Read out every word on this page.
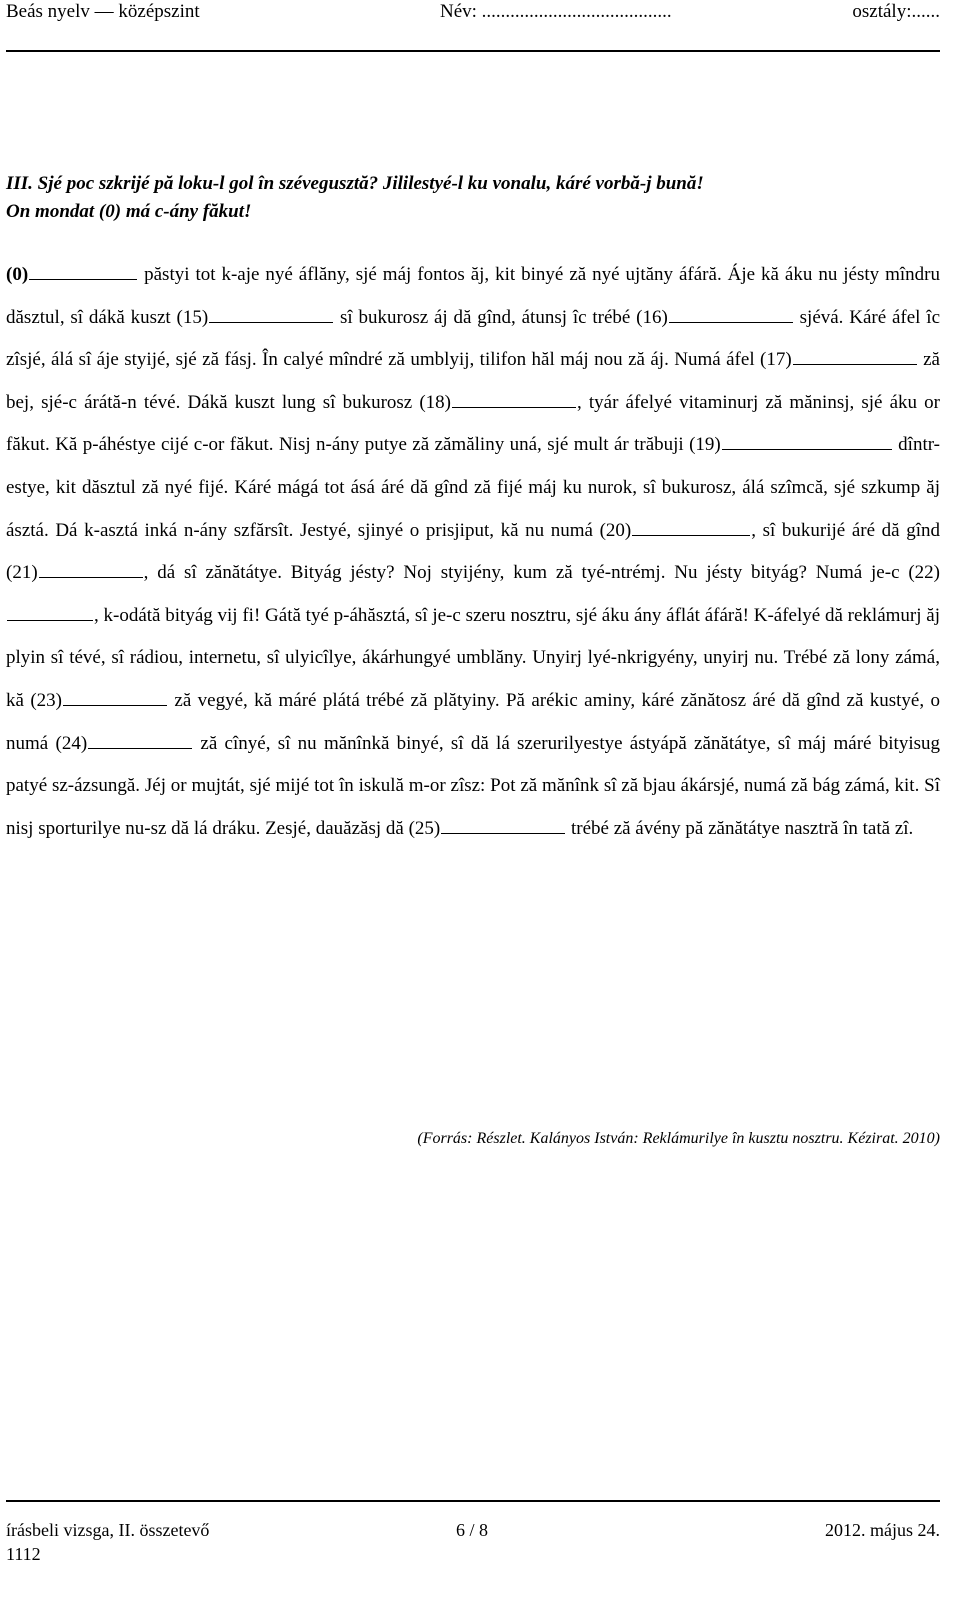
Beás nyelv — középszint	Név: ........................................	osztály:......
III. Sjé poc szkrijé pă loku-l gol în szévegusztă? Jililestyé-l ku vonalu, káré vorbă-j bună!
On mondat (0) má c-ány făkut!
(0)	păstyi tot k-aje nyé áflăny, sjé máj fontos ăj, kit binyé ză nyé ujtăny áfáră. Áje kă áku nu jésty mîndru dăsztul, sî dákă kuszt (15)	sî bukurosz áj dă gînd, átunsj îc trébé (16)	sjévá. Káré áfel îc zîsjé, álá sî áje styijé, sjé ză fásj. În calyé mîndré ză umblyij, tilifon hăl máj nou ză áj. Numá áfel (17)	ză bej, sjé-c árátă-n tévé. Dákă kuszt lung sî bukurosz (18)	, tyár áfelyé vitaminurj ză măninsj, sjé áku or făkut. Kă p-áhéstye cijé c-or făkut. Nisj n-ány putye ză zămăliny uná, sjé mult ár trăbuji (19)	dîntr-estye, kit dăsztul ză nyé fijé. Káré mágá tot ásá áré dă gînd ză fijé máj ku nurok, sî bukurosz, álá szîmcă, sjé szkump ăj ásztá. Dá k-asztá inká n-ány szfărsît. Jestyé, sjinyé o prisjiput, kă nu numá (20)	, sî bukurijé áré dă gînd (21)	, dá sî zănătátye. Bityág jésty? Noj styijény, kum ză tyé-ntrémj. Nu jésty bityág? Numá je-c (22), k-odátă bityág vij fi! Gátă tyé p-áhăsztá, sî je-c szeru nosztru, sjé áku ány áflát áfáră! K-áfelyé dă reklámurj ăj plyin sî tévé, sî rádiou, internetu, sî ulyicîlye, ákárhungyé umblăny. Unyirj lyé-nkrigyény, unyirj nu. Trébé ză lony zámá, kă (23)	ză vegyé, kă máré plátá trébé ză plătyiny. Pă arékic aminy, káré zănătosz áré dă gînd ză kustyé, o numá (24)	ză cînyé, sî nu mănînkă binyé, sî dă lá szerurilyestye ástyápă zănătátye, sî máj máré bityisug patyé sz-ázsungă. Jéj or mujtát, sjé mijé tot în iskulă m-or zîsz: Pot ză mănînk sî ză bjau ákársjé, numá ză bág zámá, kit. Sî nisj sporturilye nu-sz dă lá dráku. Zesjé, dauăzăsj dă (25)	trébé ză ávény pă zănătátye nasztră în tată zî.
(Forrás: Részlet. Kalányos István: Reklámurilye în kusztu nosztru. Kézirat. 2010)
írásbeli vizsga, II. összetevő	6 / 8	2012. május 24.
1112
